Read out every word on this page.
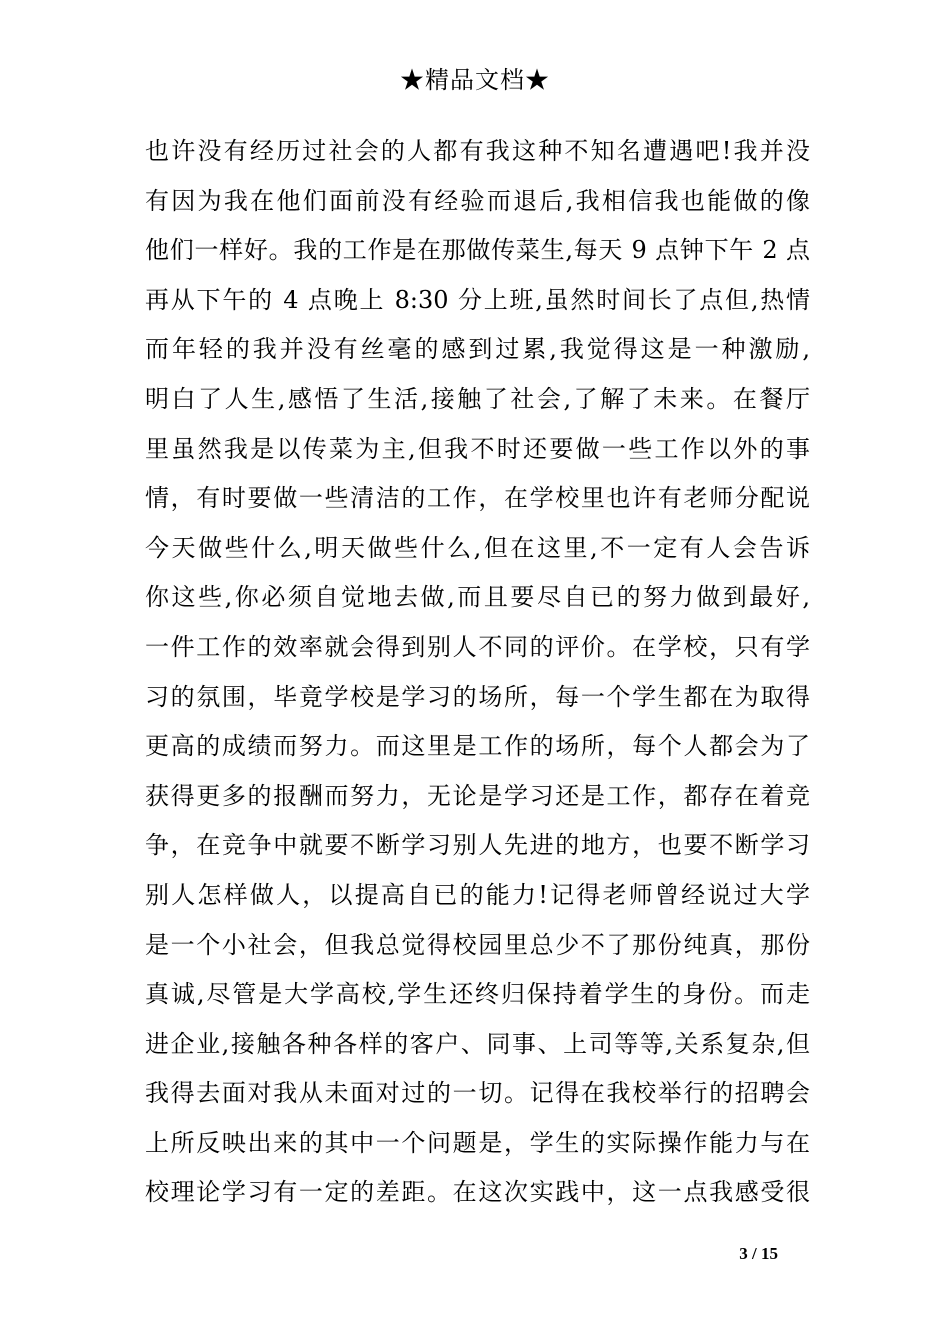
★精品文档★
也许没有经历过社会的人都有我这种不知名遭遇吧!我并没
有因为我在他们面前没有经验而退后,我相信我也能做的像
他们一样好。我的工作是在那做传菜生,每天 9 点钟下午 2 点
再从下午的 4 点晚上 8:30 分上班,虽然时间长了点但,热情
而年轻的我并没有丝毫的感到过累,我觉得这是一种激励,
明白了人生,感悟了生活,接触了社会,了解了未来。在餐厅
里虽然我是以传菜为主,但我不时还要做一些工作以外的事
情，有时要做一些清洁的工作，在学校里也许有老师分配说
今天做些什么,明天做些什么,但在这里,不一定有人会告诉
你这些,你必须自觉地去做,而且要尽自已的努力做到最好,
一件工作的效率就会得到别人不同的评价。在学校，只有学
习的氛围，毕竟学校是学习的场所，每一个学生都在为取得
更高的成绩而努力。而这里是工作的场所，每个人都会为了
获得更多的报酬而努力，无论是学习还是工作，都存在着竞
争，在竞争中就要不断学习别人先进的地方，也要不断学习
别人怎样做人，以提高自已的能力!记得老师曾经说过大学
是一个小社会，但我总觉得校园里总少不了那份纯真，那份
真诚,尽管是大学高校,学生还终归保持着学生的身份。而走
进企业,接触各种各样的客户、同事、上司等等,关系复杂,但
我得去面对我从未面对过的一切。记得在我校举行的招聘会
上所反映出来的其中一个问题是，学生的实际操作能力与在
校理论学习有一定的差距。在这次实践中，这一点我感受很
3 / 15
